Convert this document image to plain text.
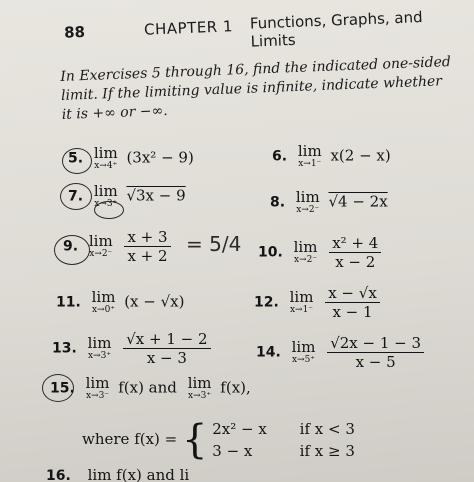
88	CHAPTER 1 Functions, Graphs, and Limits
In Exercises 5 through 16, find the indicated one-sided limit. If the limiting value is infinite, indicate whether it is +∞ or −∞.
5. lim
x→4⁺ (3x² − 9)	6. lim
x→1⁻ x(2 − x)
7. lim
x→3⁺ √3x − 9	8. lim
x→2⁻ √4 − 2x
9. lim
x→2⁻
$\frac{x + 3}{x + 2} = 5/4$ 10. lim
x→2⁻
$\frac{\text{x² + 4}}{x - 2}$
11. lim
x→0⁺ (x − √x)	12. lim
x→1⁻
$\frac{x - √x}{x - 1}$
13. lim
x→3⁺
$\frac{√x + 1 - 2}{x - 3}$	14. lim
x→5⁺
$\frac{√2x - 1 - 3}{x - 5}$
15. lim
x→3⁻ f(x) and lim
x→3⁺ f(x),
where f(x) = { 2x² − x
3 − x

if x < 3
if x ≥ 3
16. lim f(x) and li
